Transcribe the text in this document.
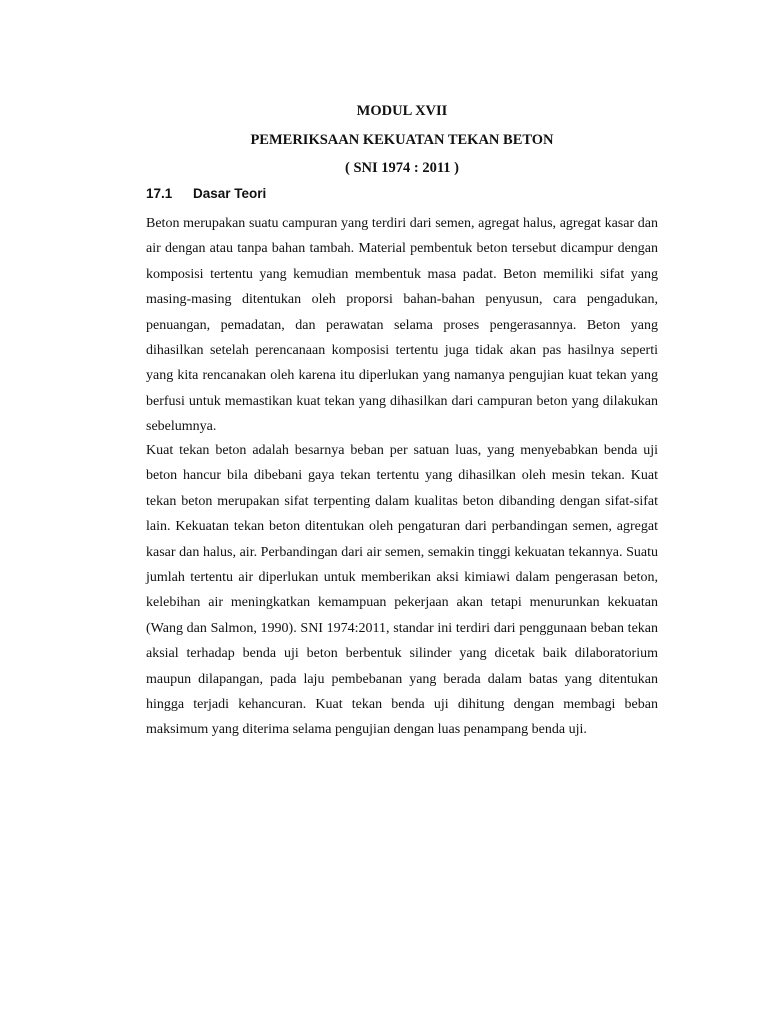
MODUL XVII
PEMERIKSAAN KEKUATAN TEKAN BETON
( SNI 1974 : 2011 )
17.1 Dasar Teori

Beton merupakan suatu campuran yang terdiri dari semen, agregat halus, agregat kasar dan air dengan atau tanpa bahan tambah. Material pembentuk beton tersebut dicampur dengan komposisi tertentu yang kemudian membentuk masa padat. Beton memiliki sifat yang masing-masing ditentukan oleh proporsi bahan-bahan penyusun, cara pengadukan, penuangan, pemadatan, dan perawatan selama proses pengerasannya. Beton yang dihasilkan setelah perencanaan komposisi tertentu juga tidak akan pas hasilnya seperti yang kita rencanakan oleh karena itu diperlukan yang namanya pengujian kuat tekan yang berfusi untuk memastikan kuat tekan yang dihasilkan dari campuran beton yang dilakukan sebelumnya.

Kuat tekan beton adalah besarnya beban per satuan luas, yang menyebabkan benda uji beton hancur bila dibebani gaya tekan tertentu yang dihasilkan oleh mesin tekan. Kuat tekan beton merupakan sifat terpenting dalam kualitas beton dibanding dengan sifat-sifat lain. Kekuatan tekan beton ditentukan oleh pengaturan dari perbandingan semen, agregat kasar dan halus, air. Perbandingan dari air semen, semakin tinggi kekuatan tekannya. Suatu jumlah tertentu air diperlukan untuk memberikan aksi kimiawi dalam pengerasan beton, kelebihan air meningkatkan kemampuan pekerjaan akan tetapi menurunkan kekuatan (Wang dan Salmon, 1990). SNI 1974:2011, standar ini terdiri dari penggunaan beban tekan aksial terhadap benda uji beton berbentuk silinder yang dicetak baik dilaboratorium maupun dilapangan, pada laju pembebanan yang berada dalam batas yang ditentukan hingga terjadi kehancuran. Kuat tekan benda uji dihitung dengan membagi beban maksimum yang diterima selama pengujian dengan luas penampang benda uji.
